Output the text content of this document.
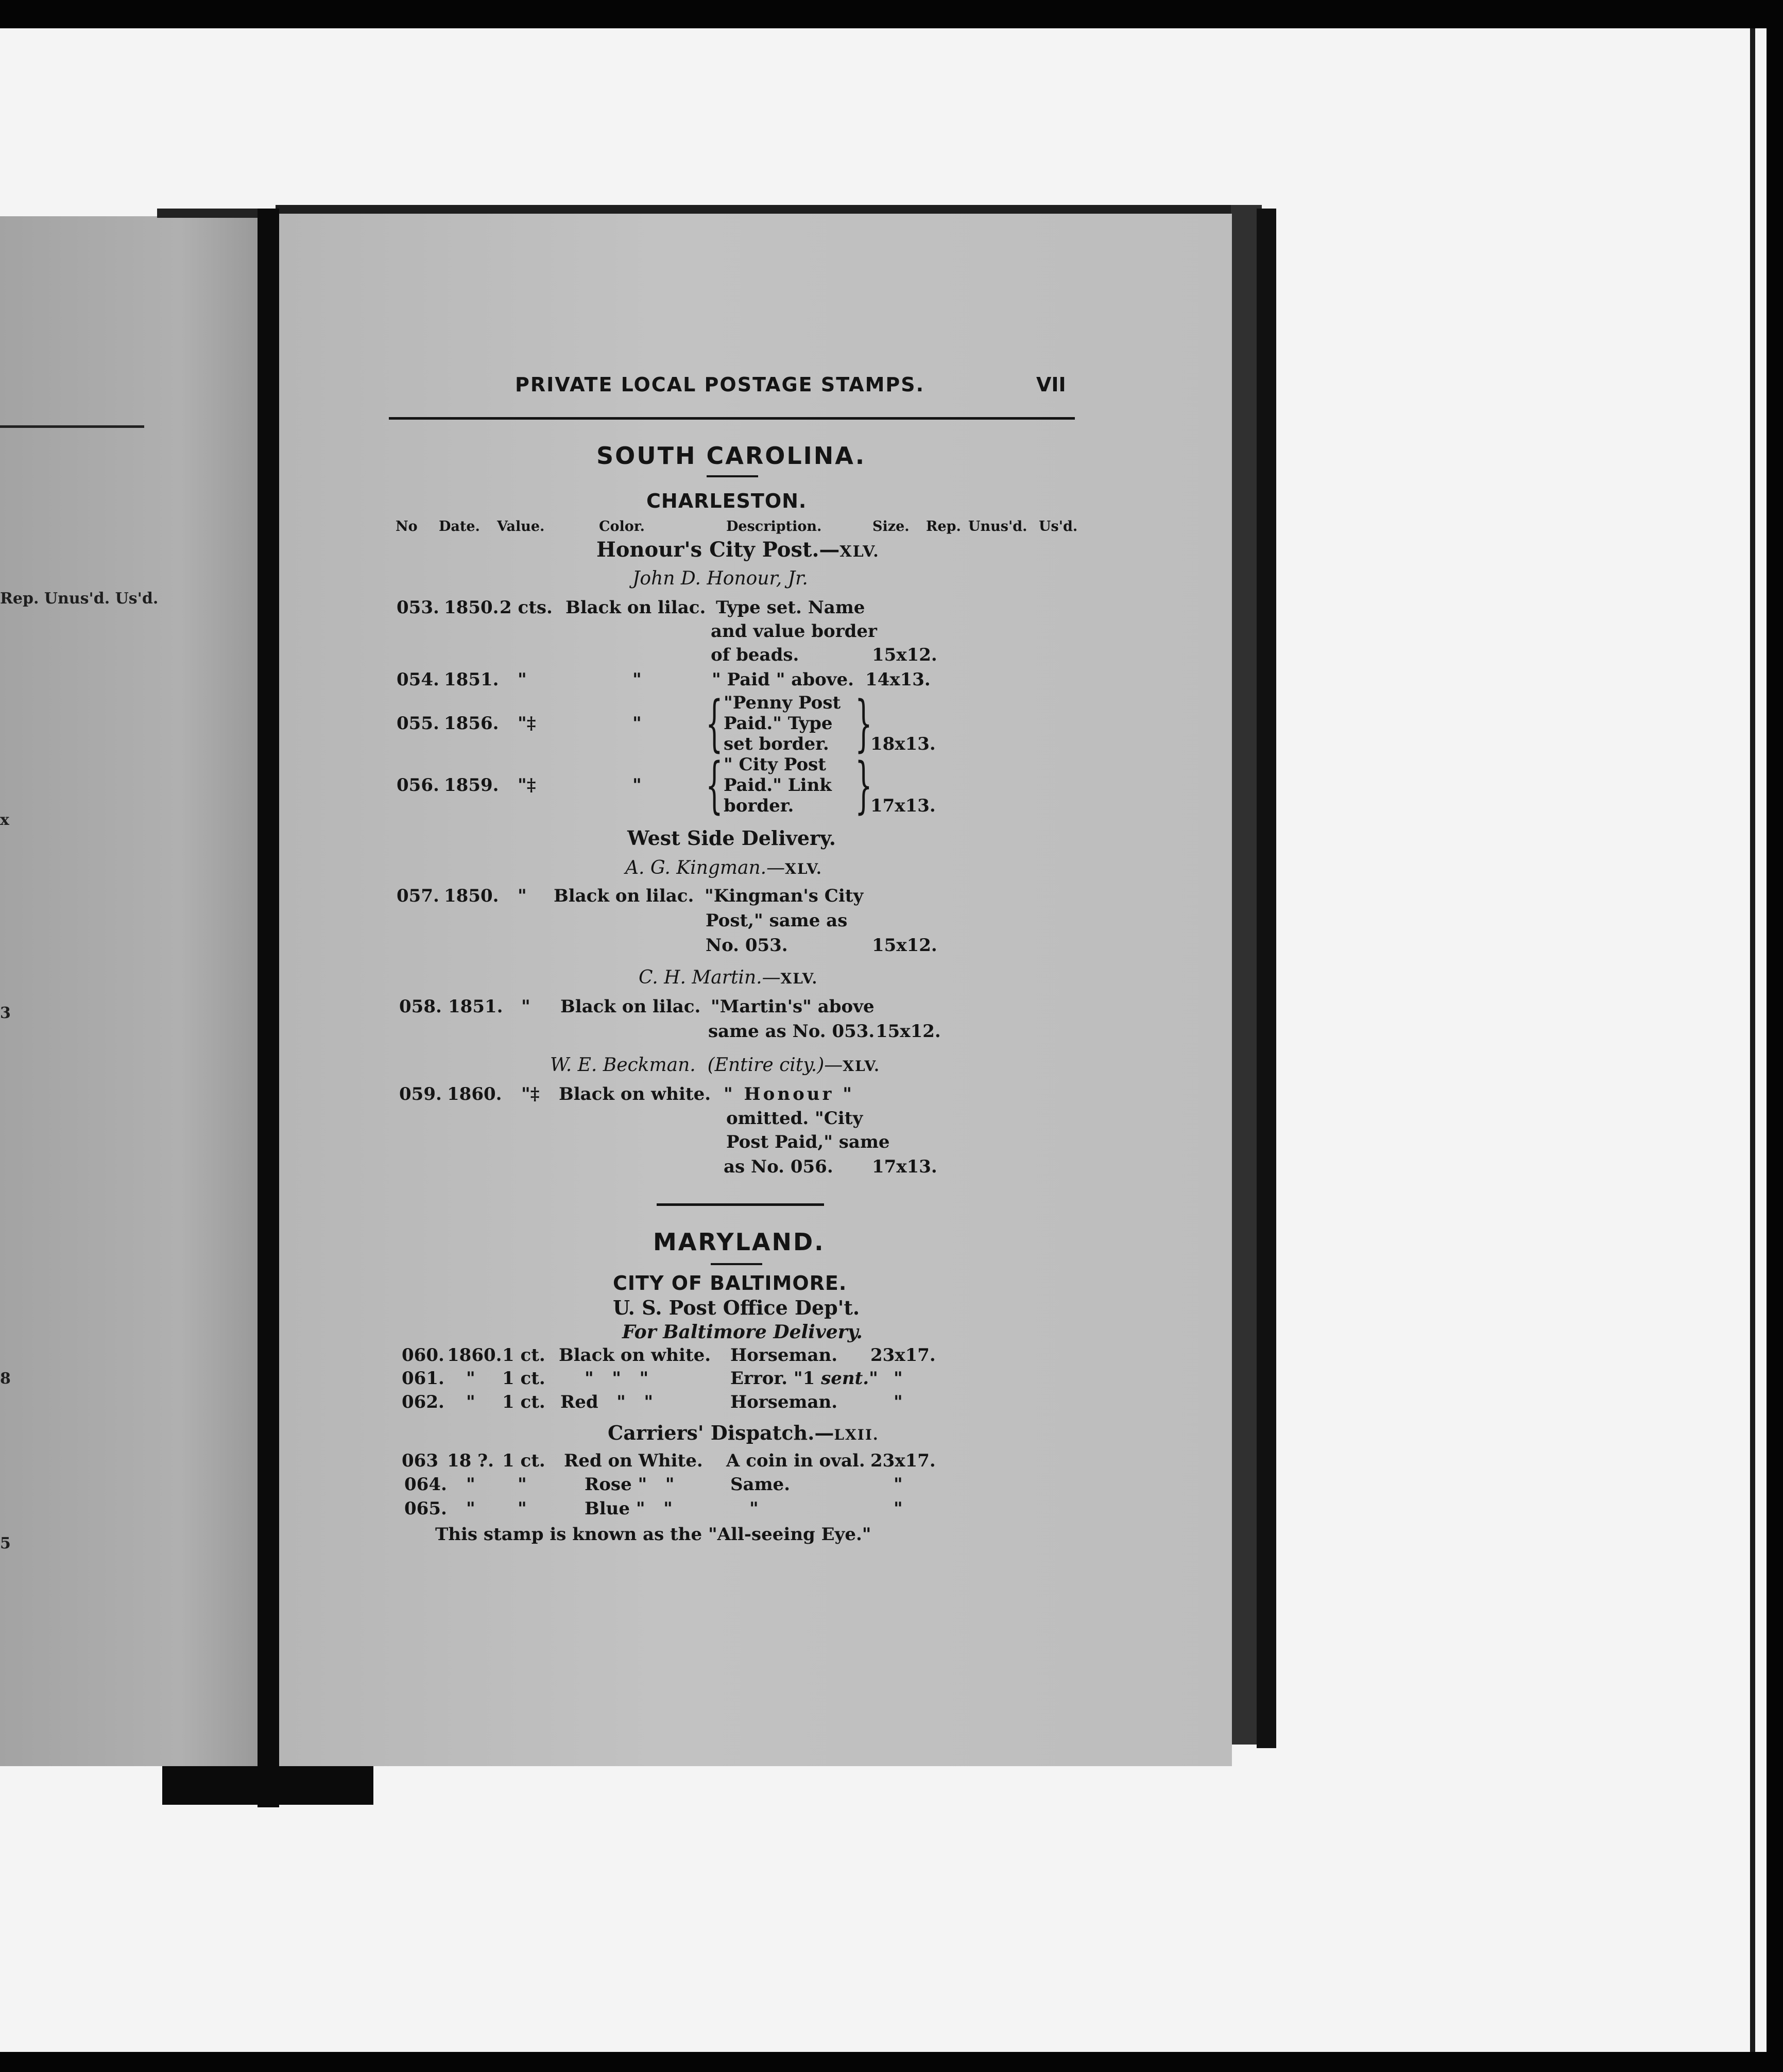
Rep. Unus'd. Us'd.
x
3
8
5
PRIVATE LOCAL POSTAGE STAMPS.	VII
SOUTH CAROLINA.
CHARLESTON.
No Date. Value.	Color.	Description.	Size. Rep. Unus'd. Us'd.
Honour's City Post.—XLV.
John D. Honour, Jr.
053. 1850. 2 cts. Black on lilac. Type set. Name
and value border
of beads.	15x12.
054. 1851. "	"	" Paid " above. 14x13.
055. 1856. "‡	" { "Penny Post
Paid." Type
set border. }
18x13.
056. 1859. "‡	" { " City Post
Paid." Link
border. }
17x13.
West Side Delivery.
A. G. Kingman.—XLV.
057. 1850. " Black on lilac. "Kingman's City
Post," same as
No. 053.	15x12.
C. H. Martin.—XLV.
058. 1851. " Black on lilac. "Martin's" above
same as No. 053. 15x12.
W. E. Beckman. (Entire city.)—XLV.
059. 1860. "‡ Black on white. " Honour "
omitted. "City
Post Paid," same
as No. 056. 17x13.
MARYLAND.
CITY OF BALTIMORE.
U. S. Post Office Dep't.
For Baltimore Delivery.
060. 1860. 1 ct. Black on white. Horseman. 23x17.
061. " 1 ct. "   "   "	Error. "1 sent." "
062. " 1 ct. Red   "   "	Horseman.	"
Carriers' Dispatch.—LXII.
063 18 ?. 1 ct. Red on White. A coin in oval. 23x17.
064. " "	Rose "   "	Same.	"
065. " "	Blue "   "	"	"
This stamp is known as the "All-seeing Eye."
